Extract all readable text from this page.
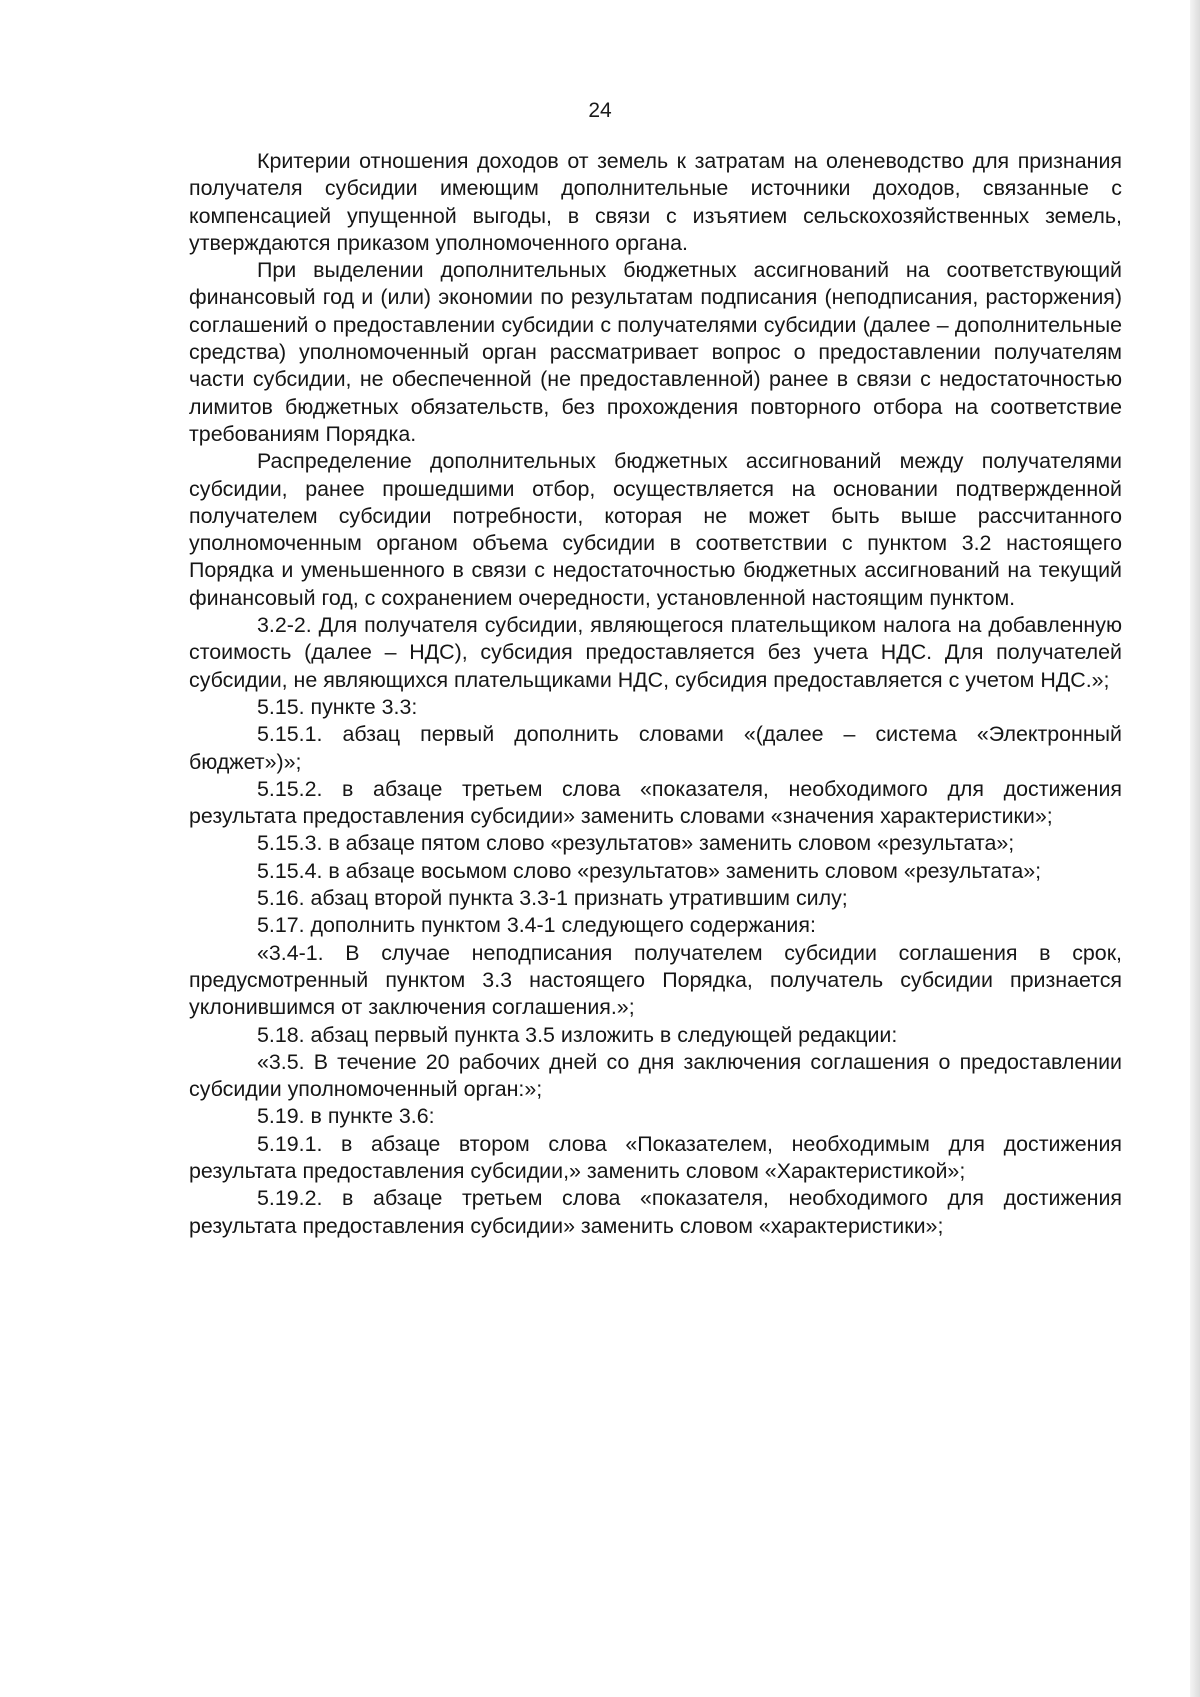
24

Критерии отношения доходов от земель к затратам на оленеводство для признания получателя субсидии имеющим дополнительные источники доходов, связанные с компенсацией упущенной выгоды, в связи с изъятием сельскохозяйственных земель, утверждаются приказом уполномоченного органа.

При выделении дополнительных бюджетных ассигнований на соответствующий финансовый год и (или) экономии по результатам подписания (неподписания, расторжения) соглашений о предоставлении субсидии с получателями субсидии (далее – дополнительные средства) уполномоченный орган рассматривает вопрос о предоставлении получателям части субсидии, не обеспеченной (не предоставленной) ранее в связи с недостаточностью лимитов бюджетных обязательств, без прохождения повторного отбора на соответствие требованиям Порядка.

Распределение дополнительных бюджетных ассигнований между получателями субсидии, ранее прошедшими отбор, осуществляется на основании подтвержденной получателем субсидии потребности, которая не может быть выше рассчитанного уполномоченным органом объема субсидии в соответствии с пунктом 3.2 настоящего Порядка и уменьшенного в связи с недостаточностью бюджетных ассигнований на текущий финансовый год, с сохранением очередности, установленной настоящим пунктом.

3.2-2. Для получателя субсидии, являющегося плательщиком налога на добавленную стоимость (далее – НДС), субсидия предоставляется без учета НДС. Для получателей субсидии, не являющихся плательщиками НДС, субсидия предоставляется с учетом НДС.»;

5.15. пункте 3.3:

5.15.1. абзац первый дополнить словами «(далее – система «Электронный бюджет»)»;

5.15.2. в абзаце третьем слова «показателя, необходимого для достижения результата предоставления субсидии» заменить словами «значения характеристики»;

5.15.3. в абзаце пятом слово «результатов» заменить словом «результата»;

5.15.4. в абзаце восьмом слово «результатов» заменить словом «результата»;

5.16. абзац второй пункта 3.3-1 признать утратившим силу;

5.17. дополнить пунктом 3.4-1 следующего содержания:

«3.4-1. В случае неподписания получателем субсидии соглашения в срок, предусмотренный пунктом 3.3 настоящего Порядка, получатель субсидии признается уклонившимся от заключения соглашения.»;

5.18. абзац первый пункта 3.5 изложить в следующей редакции:

«3.5. В течение 20 рабочих дней со дня заключения соглашения о предоставлении субсидии уполномоченный орган:»;

5.19. в пункте 3.6:

5.19.1. в абзаце втором слова «Показателем, необходимым для достижения результата предоставления субсидии,» заменить словом «Характеристикой»;

5.19.2. в абзаце третьем слова «показателя, необходимого для достижения результата предоставления субсидии» заменить словом «характеристики»;
